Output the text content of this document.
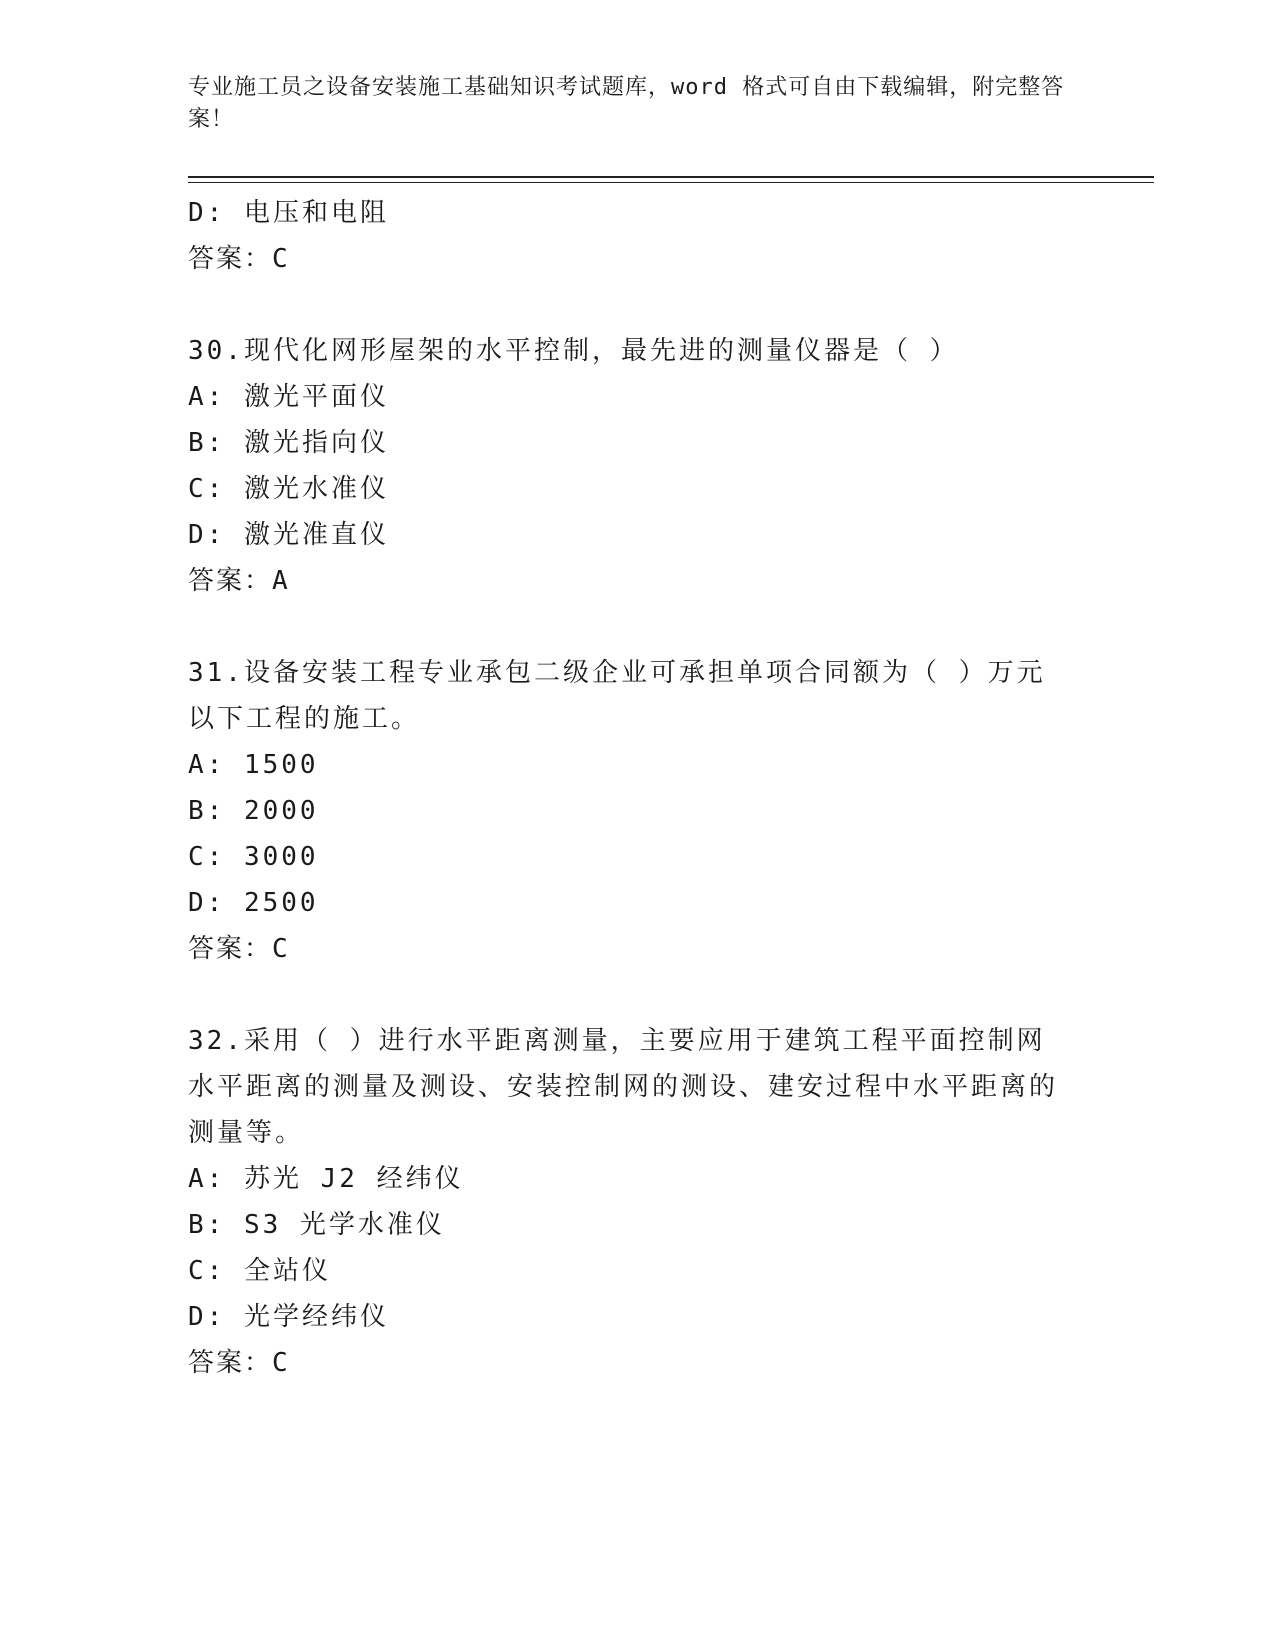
专业施工员之设备安装施工基础知识考试题库，word 格式可自由下载编辑，附完整答案！
D: 电压和电阻
答案：C
30.现代化网形屋架的水平控制，最先进的测量仪器是（ ）
A: 激光平面仪
B: 激光指向仪
C: 激光水准仪
D: 激光准直仪
答案：A
31.设备安装工程专业承包二级企业可承担单项合同额为（ ）万元以下工程的施工。
A: 1500
B: 2000
C: 3000
D: 2500
答案：C
32.采用（ ）进行水平距离测量，主要应用于建筑工程平面控制网水平距离的测量及测设、安装控制网的测设、建安过程中水平距离的测量等。
A: 苏光 J2 经纬仪
B: S3 光学水准仪
C: 全站仪
D: 光学经纬仪
答案：C
